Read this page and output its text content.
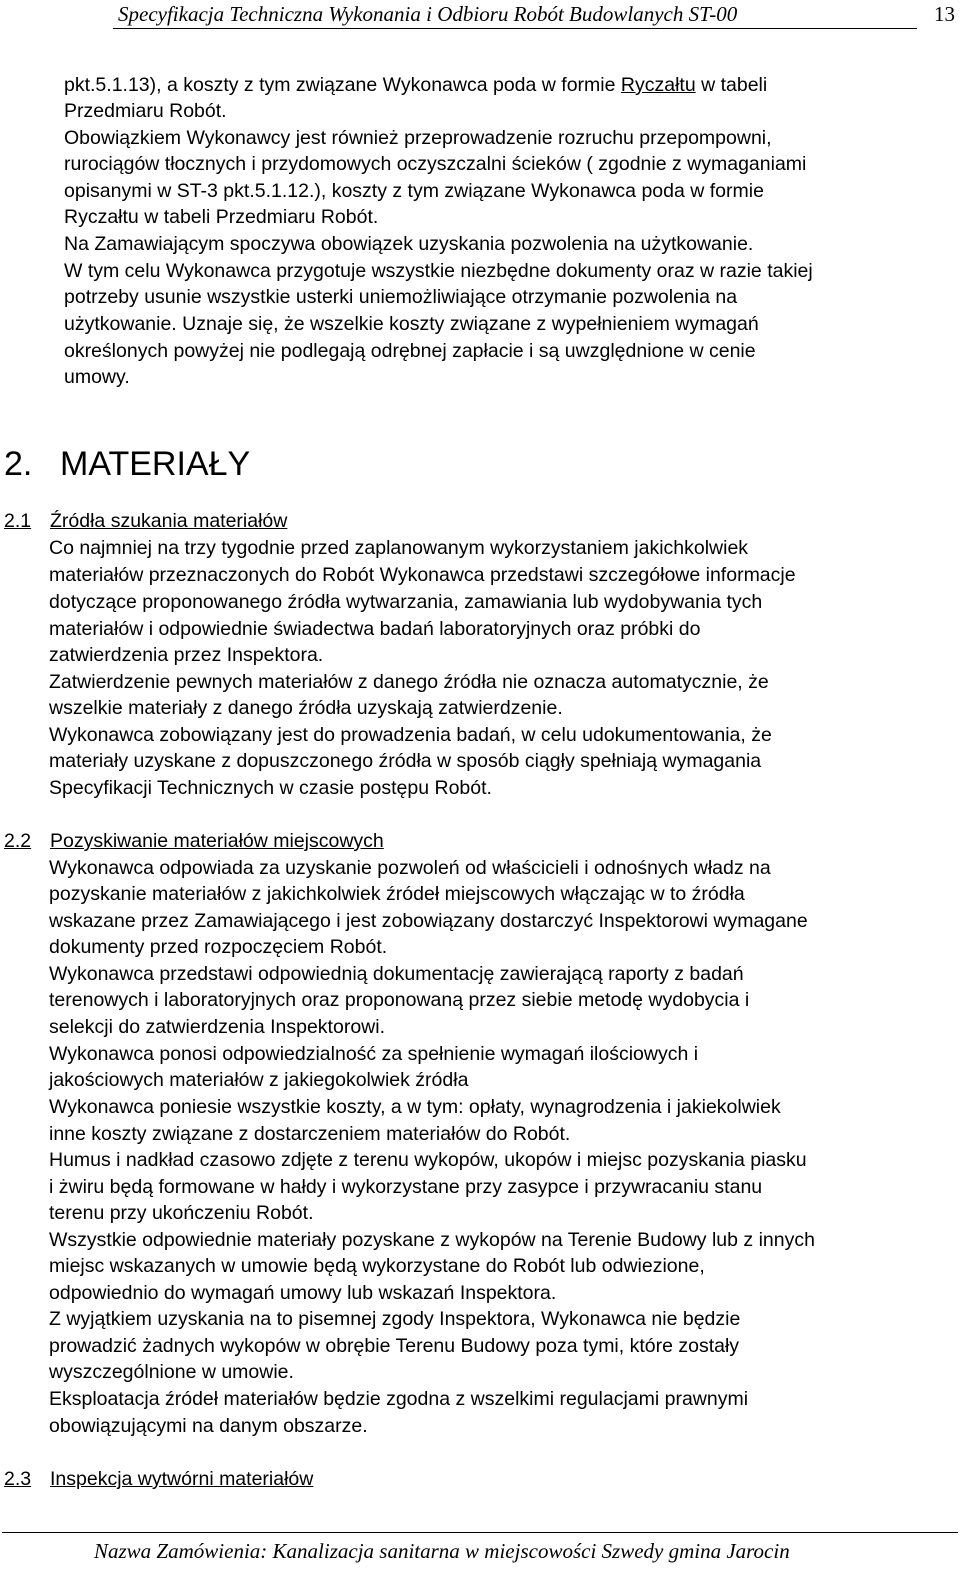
Specyfikacja Techniczna Wykonania i Odbioru Robót Budowlanych ST-00	13

pkt.5.1.13), a koszty z tym związane Wykonawca poda w formie Ryczałtu w tabeli

Przedmiaru Robót.

Obowiązkiem Wykonawcy jest również przeprowadzenie rozruchu przepompowni,

rurociągów tłocznych i przydomowych oczyszczalni ścieków ( zgodnie z wymaganiami

opisanymi w ST-3 pkt.5.1.12.), koszty z tym związane Wykonawca poda w formie

Ryczałtu w tabeli Przedmiaru Robót.

Na Zamawiającym spoczywa obowiązek uzyskania pozwolenia na użytkowanie.

W tym celu Wykonawca przygotuje wszystkie niezbędne dokumenty oraz w razie takiej

potrzeby usunie wszystkie usterki uniemożliwiające otrzymanie pozwolenia na

użytkowanie. Uznaje się, że wszelkie koszty związane z wypełnieniem wymagań

określonych powyżej nie podlegają odrębnej zapłacie i są uwzględnione w cenie

umowy.

2. MATERIAŁY
2.1 Źródła szukania materiałów

Co najmniej na trzy tygodnie przed zaplanowanym wykorzystaniem jakichkolwiek

materiałów przeznaczonych do Robót Wykonawca przedstawi szczegółowe informacje

dotyczące proponowanego źródła wytwarzania, zamawiania lub wydobywania tych

materiałów i odpowiednie świadectwa badań laboratoryjnych oraz próbki do

zatwierdzenia przez Inspektora.

Zatwierdzenie pewnych materiałów z danego źródła nie oznacza automatycznie, że

wszelkie materiały z danego źródła uzyskają zatwierdzenie.

Wykonawca zobowiązany jest do prowadzenia badań, w celu udokumentowania, że

materiały uzyskane z dopuszczonego źródła w sposób ciągły spełniają wymagania

Specyfikacji Technicznych w czasie postępu Robót.

2.2 Pozyskiwanie materiałów miejscowych

Wykonawca odpowiada za uzyskanie pozwoleń od właścicieli i odnośnych władz na

pozyskanie materiałów z jakichkolwiek źródeł miejscowych włączając w to źródła

wskazane przez Zamawiającego i jest zobowiązany dostarczyć Inspektorowi wymagane

dokumenty przed rozpoczęciem Robót.

Wykonawca przedstawi odpowiednią dokumentację zawierającą raporty z badań

terenowych i laboratoryjnych oraz proponowaną przez siebie metodę wydobycia i

selekcji do zatwierdzenia Inspektorowi.

Wykonawca ponosi odpowiedzialność za spełnienie wymagań ilościowych i

jakościowych materiałów z jakiegokolwiek źródła

Wykonawca poniesie wszystkie koszty, a w tym: opłaty, wynagrodzenia i jakiekolwiek

inne koszty związane z dostarczeniem materiałów do Robót.

Humus i nadkład czasowo zdjęte z terenu wykopów, ukopów i miejsc pozyskania piasku

i żwiru będą formowane w hałdy i wykorzystane przy zasypce i przywracaniu stanu

terenu przy ukończeniu Robót.

Wszystkie odpowiednie materiały pozyskane z wykopów na Terenie Budowy lub z innych

miejsc wskazanych w umowie będą wykorzystane do Robót lub odwiezione,

odpowiednio do wymagań umowy lub wskazań Inspektora.

Z wyjątkiem uzyskania na to pisemnej zgody Inspektora, Wykonawca nie będzie

prowadzić żadnych wykopów w obrębie Terenu Budowy poza tymi, które zostały

wyszczególnione w umowie.

Eksploatacja źródeł materiałów będzie zgodna z wszelkimi regulacjami prawnymi

obowiązującymi na danym obszarze.

2.3 Inspekcja wytwórni materiałów
Nazwa Zamówienia: Kanalizacja sanitarna w miejscowości Szwedy gmina Jarocin
